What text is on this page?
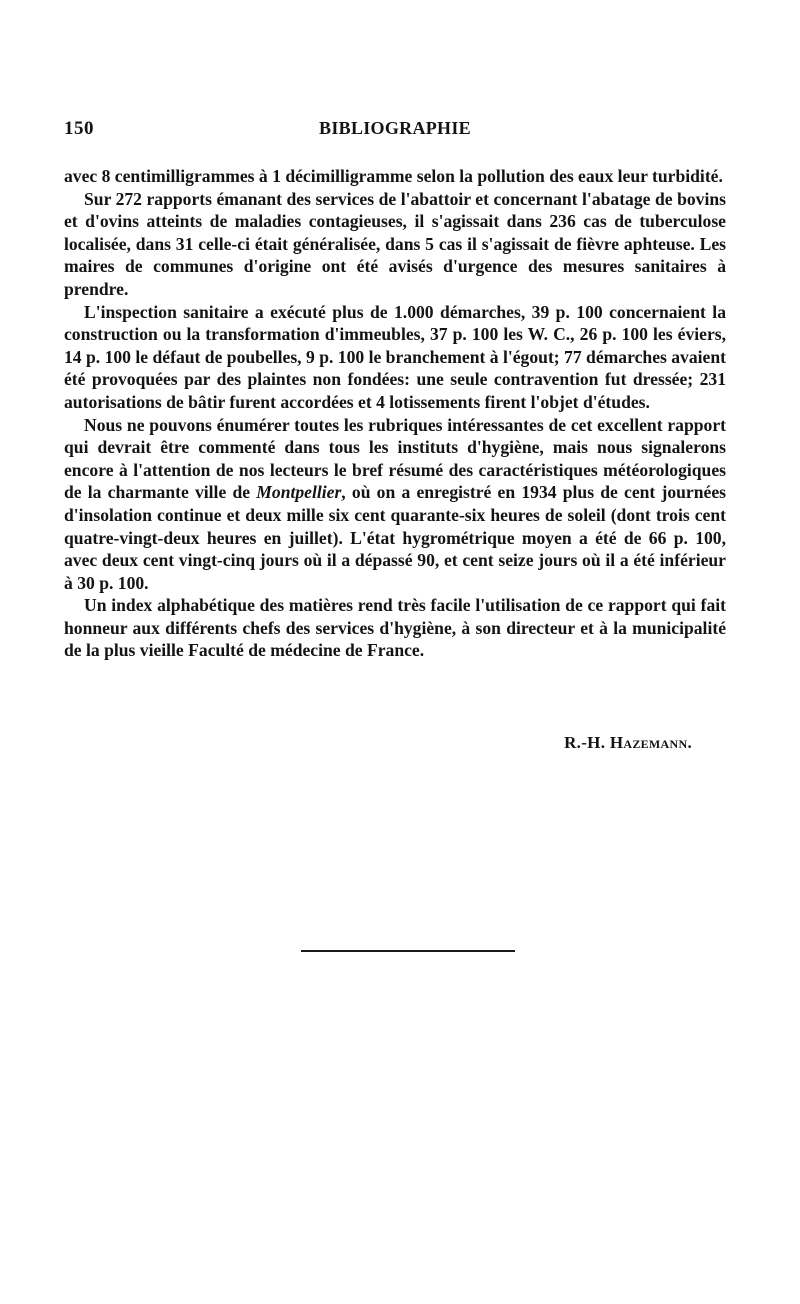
150	BIBLIOGRAPHIE

avec 8 centimilligrammes à 1 décimilligramme selon la pollution des eaux leur turbidité.

Sur 272 rapports émanant des services de l'abattoir et concernant l'abatage de bovins et d'ovins atteints de maladies contagieuses, il s'agissait dans 236 cas de tuberculose localisée, dans 31 celle-ci était généralisée, dans 5 cas il s'agissait de fièvre aphteuse. Les maires de communes d'origine ont été avisés d'urgence des mesures sanitaires à prendre.

L'inspection sanitaire a exécuté plus de 1.000 démarches, 39 p. 100 concernaient la construction ou la transformation d'immeubles, 37 p. 100 les W. C., 26 p. 100 les éviers, 14 p. 100 le défaut de poubelles, 9 p. 100 le branchement à l'égout; 77 démarches avaient été provoquées par des plaintes non fondées: une seule contravention fut dressée; 231 autorisations de bâtir furent accordées et 4 lotissements firent l'objet d'études.

Nous ne pouvons énumérer toutes les rubriques intéressantes de cet excellent rapport qui devrait être commenté dans tous les instituts d'hygiène, mais nous signalerons encore à l'attention de nos lecteurs le bref résumé des caractéristiques météorologiques de la charmante ville de Montpellier, où on a enregistré en 1934 plus de cent journées d'insolation continue et deux mille six cent quarante-six heures de soleil (dont trois cent quatre-vingt-deux heures en juillet). L'état hygrométrique moyen a été de 66 p. 100, avec deux cent vingt-cinq jours où il a dépassé 90, et cent seize jours où il a été inférieur à 30 p. 100.

Un index alphabétique des matières rend très facile l'utilisation de ce rapport qui fait honneur aux différents chefs des services d'hygiène, à son directeur et à la municipalité de la plus vieille Faculté de médecine de France.

R.-H. Hazemann.
